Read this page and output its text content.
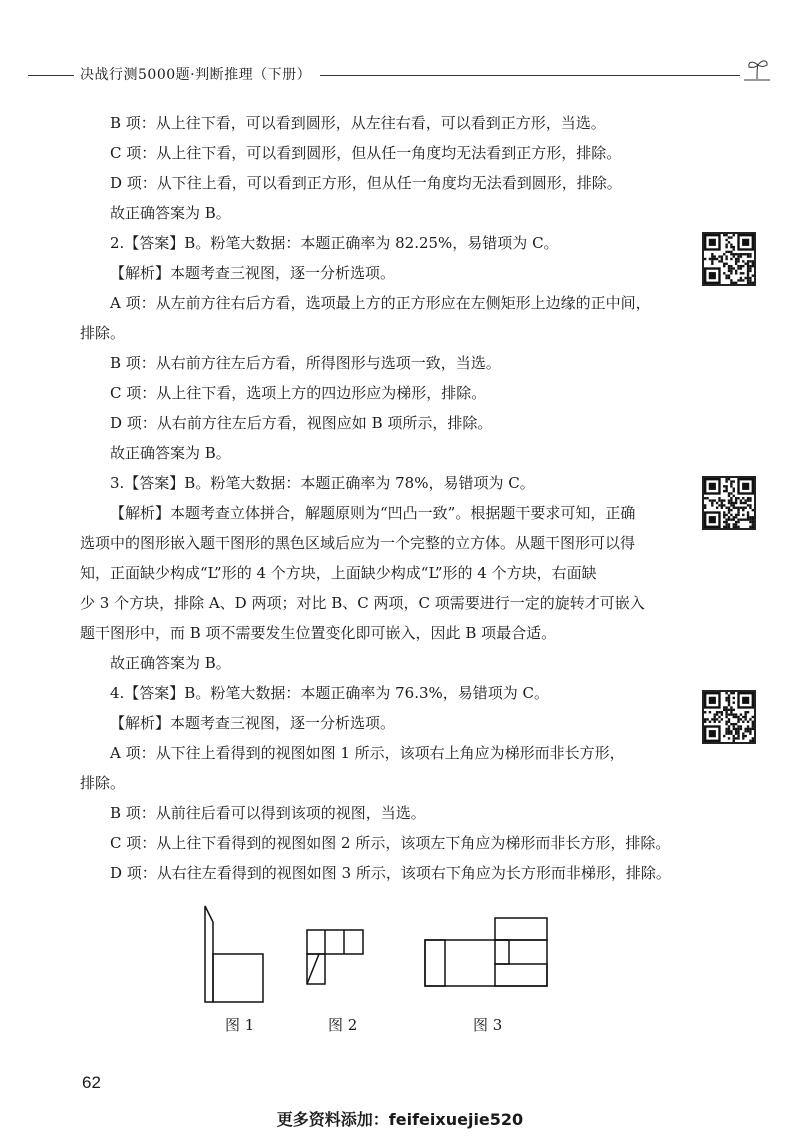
决战行测5000题·判断推理（下册）

B 项：从上往下看，可以看到圆形，从左往右看，可以看到正方形，当选。

C 项：从上往下看，可以看到圆形，但从任一角度均无法看到正方形，排除。

D 项：从下往上看，可以看到正方形，但从任一角度均无法看到圆形，排除。

故正确答案为 B。

2.【答案】B。粉笔大数据：本题正确率为 82.25%，易错项为 C。

【解析】本题考查三视图，逐一分析选项。

A 项：从左前方往右后方看，选项最上方的正方形应在左侧矩形上边缘的正中间，

排除。

B 项：从右前方往左后方看，所得图形与选项一致，当选。

C 项：从上往下看，选项上方的四边形应为梯形，排除。

D 项：从右前方往左后方看，视图应如 B 项所示，排除。

故正确答案为 B。

3.【答案】B。粉笔大数据：本题正确率为 78%，易错项为 C。

【解析】本题考查立体拼合，解题原则为“凹凸一致”。根据题干要求可知，正确

选项中的图形嵌入题干图形的黑色区域后应为一个完整的立方体。从题干图形可以得

知，正面缺少构成“L”形的 4 个方块，上面缺少构成“L”形的 4 个方块，右面缺

少 3 个方块，排除 A、D 两项；对比 B、C 两项，C 项需要进行一定的旋转才可嵌入

题干图形中，而 B 项不需要发生位置变化即可嵌入，因此 B 项最合适。

故正确答案为 B。

4.【答案】B。粉笔大数据：本题正确率为 76.3%，易错项为 C。

【解析】本题考查三视图，逐一分析选项。

A 项：从下往上看得到的视图如图 1 所示，该项右上角应为梯形而非长方形，

排除。

B 项：从前往后看可以得到该项的视图，当选。

C 项：从上往下看得到的视图如图 2 所示，该项左下角应为梯形而非长方形，排除。

D 项：从右往左看得到的视图如图 3 所示，该项右下角应为长方形而非梯形，排除。

图 1	图 2	图 3
62
更多资料添加：feifeixuejie520
